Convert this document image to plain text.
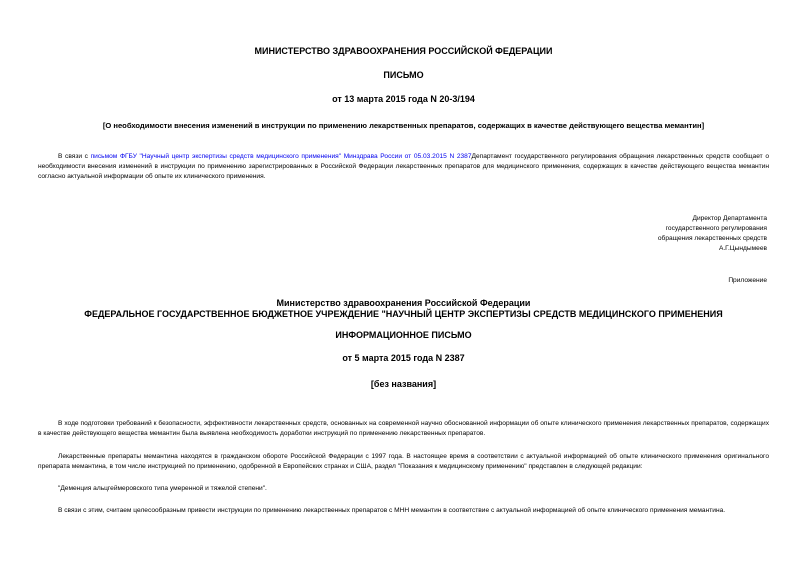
МИНИСТЕРСТВО ЗДРАВООХРАНЕНИЯ РОССИЙСКОЙ ФЕДЕРАЦИИ
ПИСЬМО
от 13 марта 2015 года N 20-3/194
[О необходимости внесения изменений в инструкции по применению лекарственных препаратов, содержащих в качестве действующего вещества мемантин]
В связи с письмом ФГБУ "Научный центр экспертизы средств медицинского применения" Минздрава России от 05.03.2015 N 2387Департамент государственного регулирования обращения лекарственных средств сообщает о необходимости внесения изменений в инструкции по применению зарегистрированных в Российской Федерации лекарственных препаратов для медицинского применения, содержащих в качестве действующего вещества мемантин согласно актуальной информации об опыте их клинического применения.
Директор Департамента
государственного регулирования
обращения лекарственных средств
А.Г.Цындымеев
Приложение
Министерство здравоохранения Российской Федерации
ФЕДЕРАЛЬНОЕ ГОСУДАРСТВЕННОЕ БЮДЖЕТНОЕ УЧРЕЖДЕНИЕ "НАУЧНЫЙ ЦЕНТР ЭКСПЕРТИЗЫ СРЕДСТВ МЕДИЦИНСКОГО ПРИМЕНЕНИЯ
ИНФОРМАЦИОННОЕ ПИСЬМО
от 5 марта 2015 года N 2387
[без названия]
В ходе подготовки требований к безопасности, эффективности лекарственных средств, основанных на современной научно обоснованной информации об опыте клинического применения лекарственных препаратов, содержащих в качестве действующего вещества мемантин была выявлена необходимость доработки инструкций по применению лекарственных препаратов.
Лекарственные препараты мемантина находятся в гражданском обороте Российской Федерации с 1997 года. В настоящее время в соответствии с актуальной информацией об опыте клинического применения оригинального препарата мемантина, в том числе инструкцией по применению, одобренной в Европейских странах и США, раздел "Показания к медицинскому применению" представлен в следующей редакции:
"Деменция альцгеймеровского типа умеренной и тяжелой степени".
В связи с этим, считаем целесообразным привести инструкции по применению лекарственных препаратов с МНН мемантин в соответствие с актуальной информацией об опыте клинического применения мемантина.
